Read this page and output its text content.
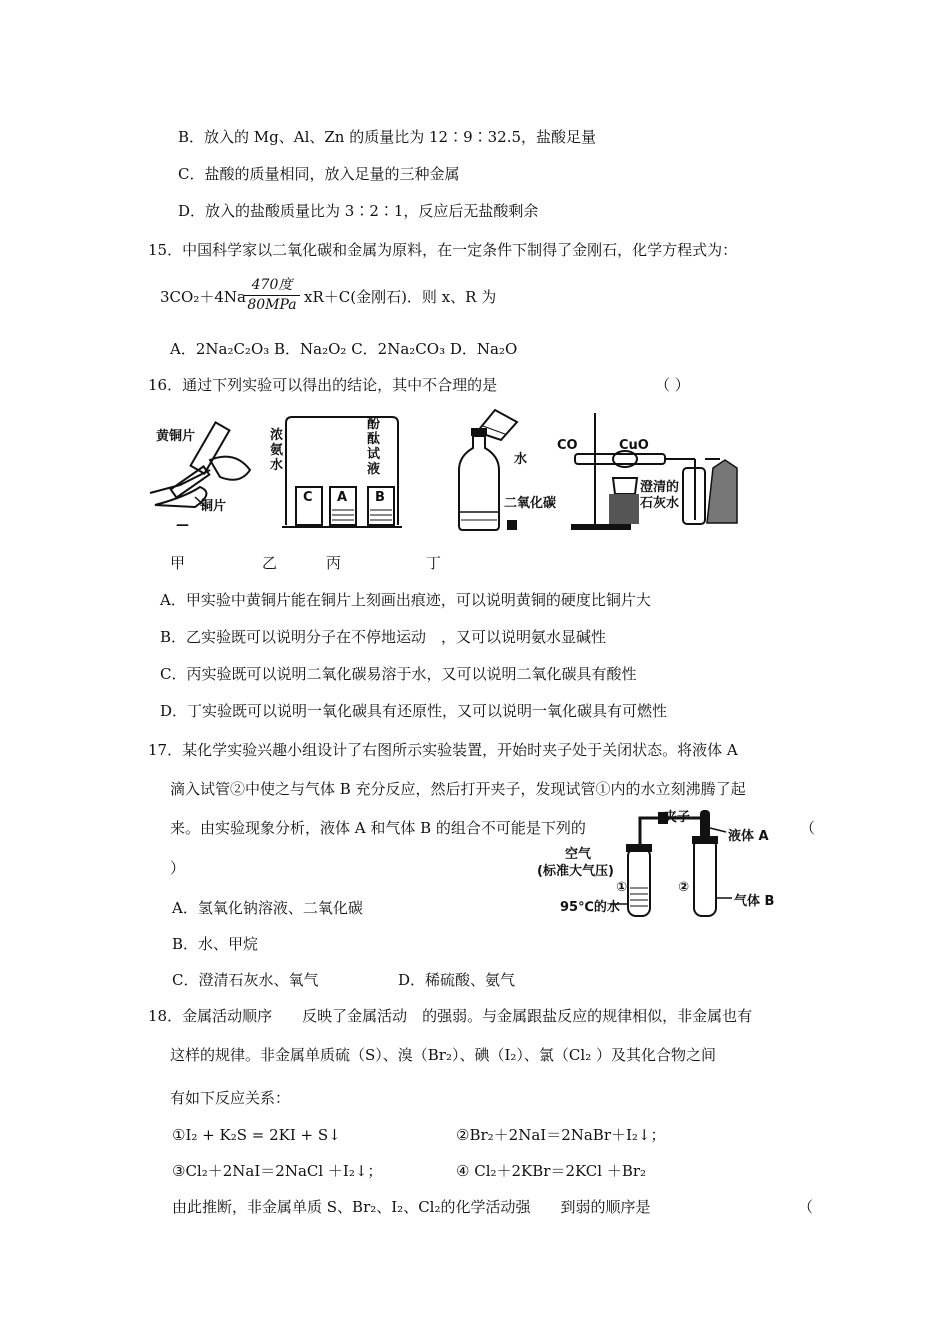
B．放入的 Mg、Al、Zn 的质量比为 12∶9∶32.5，盐酸足量
C．盐酸的质量相同，放入足量的三种金属
D．放入的盐酸质量比为 3∶2∶1，反应后无盐酸剩余
15．中国科学家以二氧化碳和金属为原料，在一定条件下制得了金刚石，化学方程式为：
3CO₂＋4Na
470度
80MPa xR＋C(金刚石)．则 x、R 为
A．2Na₂C₂O₃ B．Na₂O₂ C．2Na₂CO₃ D．Na₂O
16．通过下列实验可以得出的结论，其中不合理的是	（ ）
黄铜片
铜片
—
浓
氨
水
酚
酞
试
液
C A B
水
二氧化碳
CO	CuO
澄清的
石灰水
甲	乙	丙	丁
A．甲实验中黄铜片能在铜片上刻画出痕迹，可以说明黄铜的硬度比铜片大
B．乙实验既可以说明分子在不停地运动　，又可以说明氨水显碱性
C．丙实验既可以说明二氧化碳易溶于水，又可以说明二氧化碳具有酸性
D．丁实验既可以说明一氧化碳具有还原性，又可以说明一氧化碳具有可燃性
17．某化学实验兴趣小组设计了右图所示实验装置，开始时夹子处于关闭状态。将液体 A
滴入试管②中使之与气体 B 充分反应，然后打开夹子，发现试管①内的水立刻沸腾了起
来。由实验现象分析，液体 A 和气体 B 的组合不可能是下列的	（
）
夹子
液体 A
空气
(标准大气压)
①	②
气体 B
95℃的水
A．氢氧化钠溶液、二氧化碳
B．水、甲烷
C．澄清石灰水、氧气	D．稀硫酸、氨气
18．金属活动顺序　　反映了金属活动　的强弱。与金属跟盐反应的规律相似，非金属也有
这样的规律。非金属单质硫（S）、溴（Br₂）、碘（I₂）、氯（Cl₂ ）及其化合物之间
有如下反应关系：
①I₂ + K₂S = 2KI + S↓	②Br₂＋2NaI＝2NaBr＋I₂↓；
③Cl₂＋2NaI＝2NaCl ＋I₂↓；	④ Cl₂＋2KBr＝2KCl ＋Br₂
由此推断，非金属单质 S、Br₂、I₂、Cl₂的化学活动强　　到弱的顺序是	（
